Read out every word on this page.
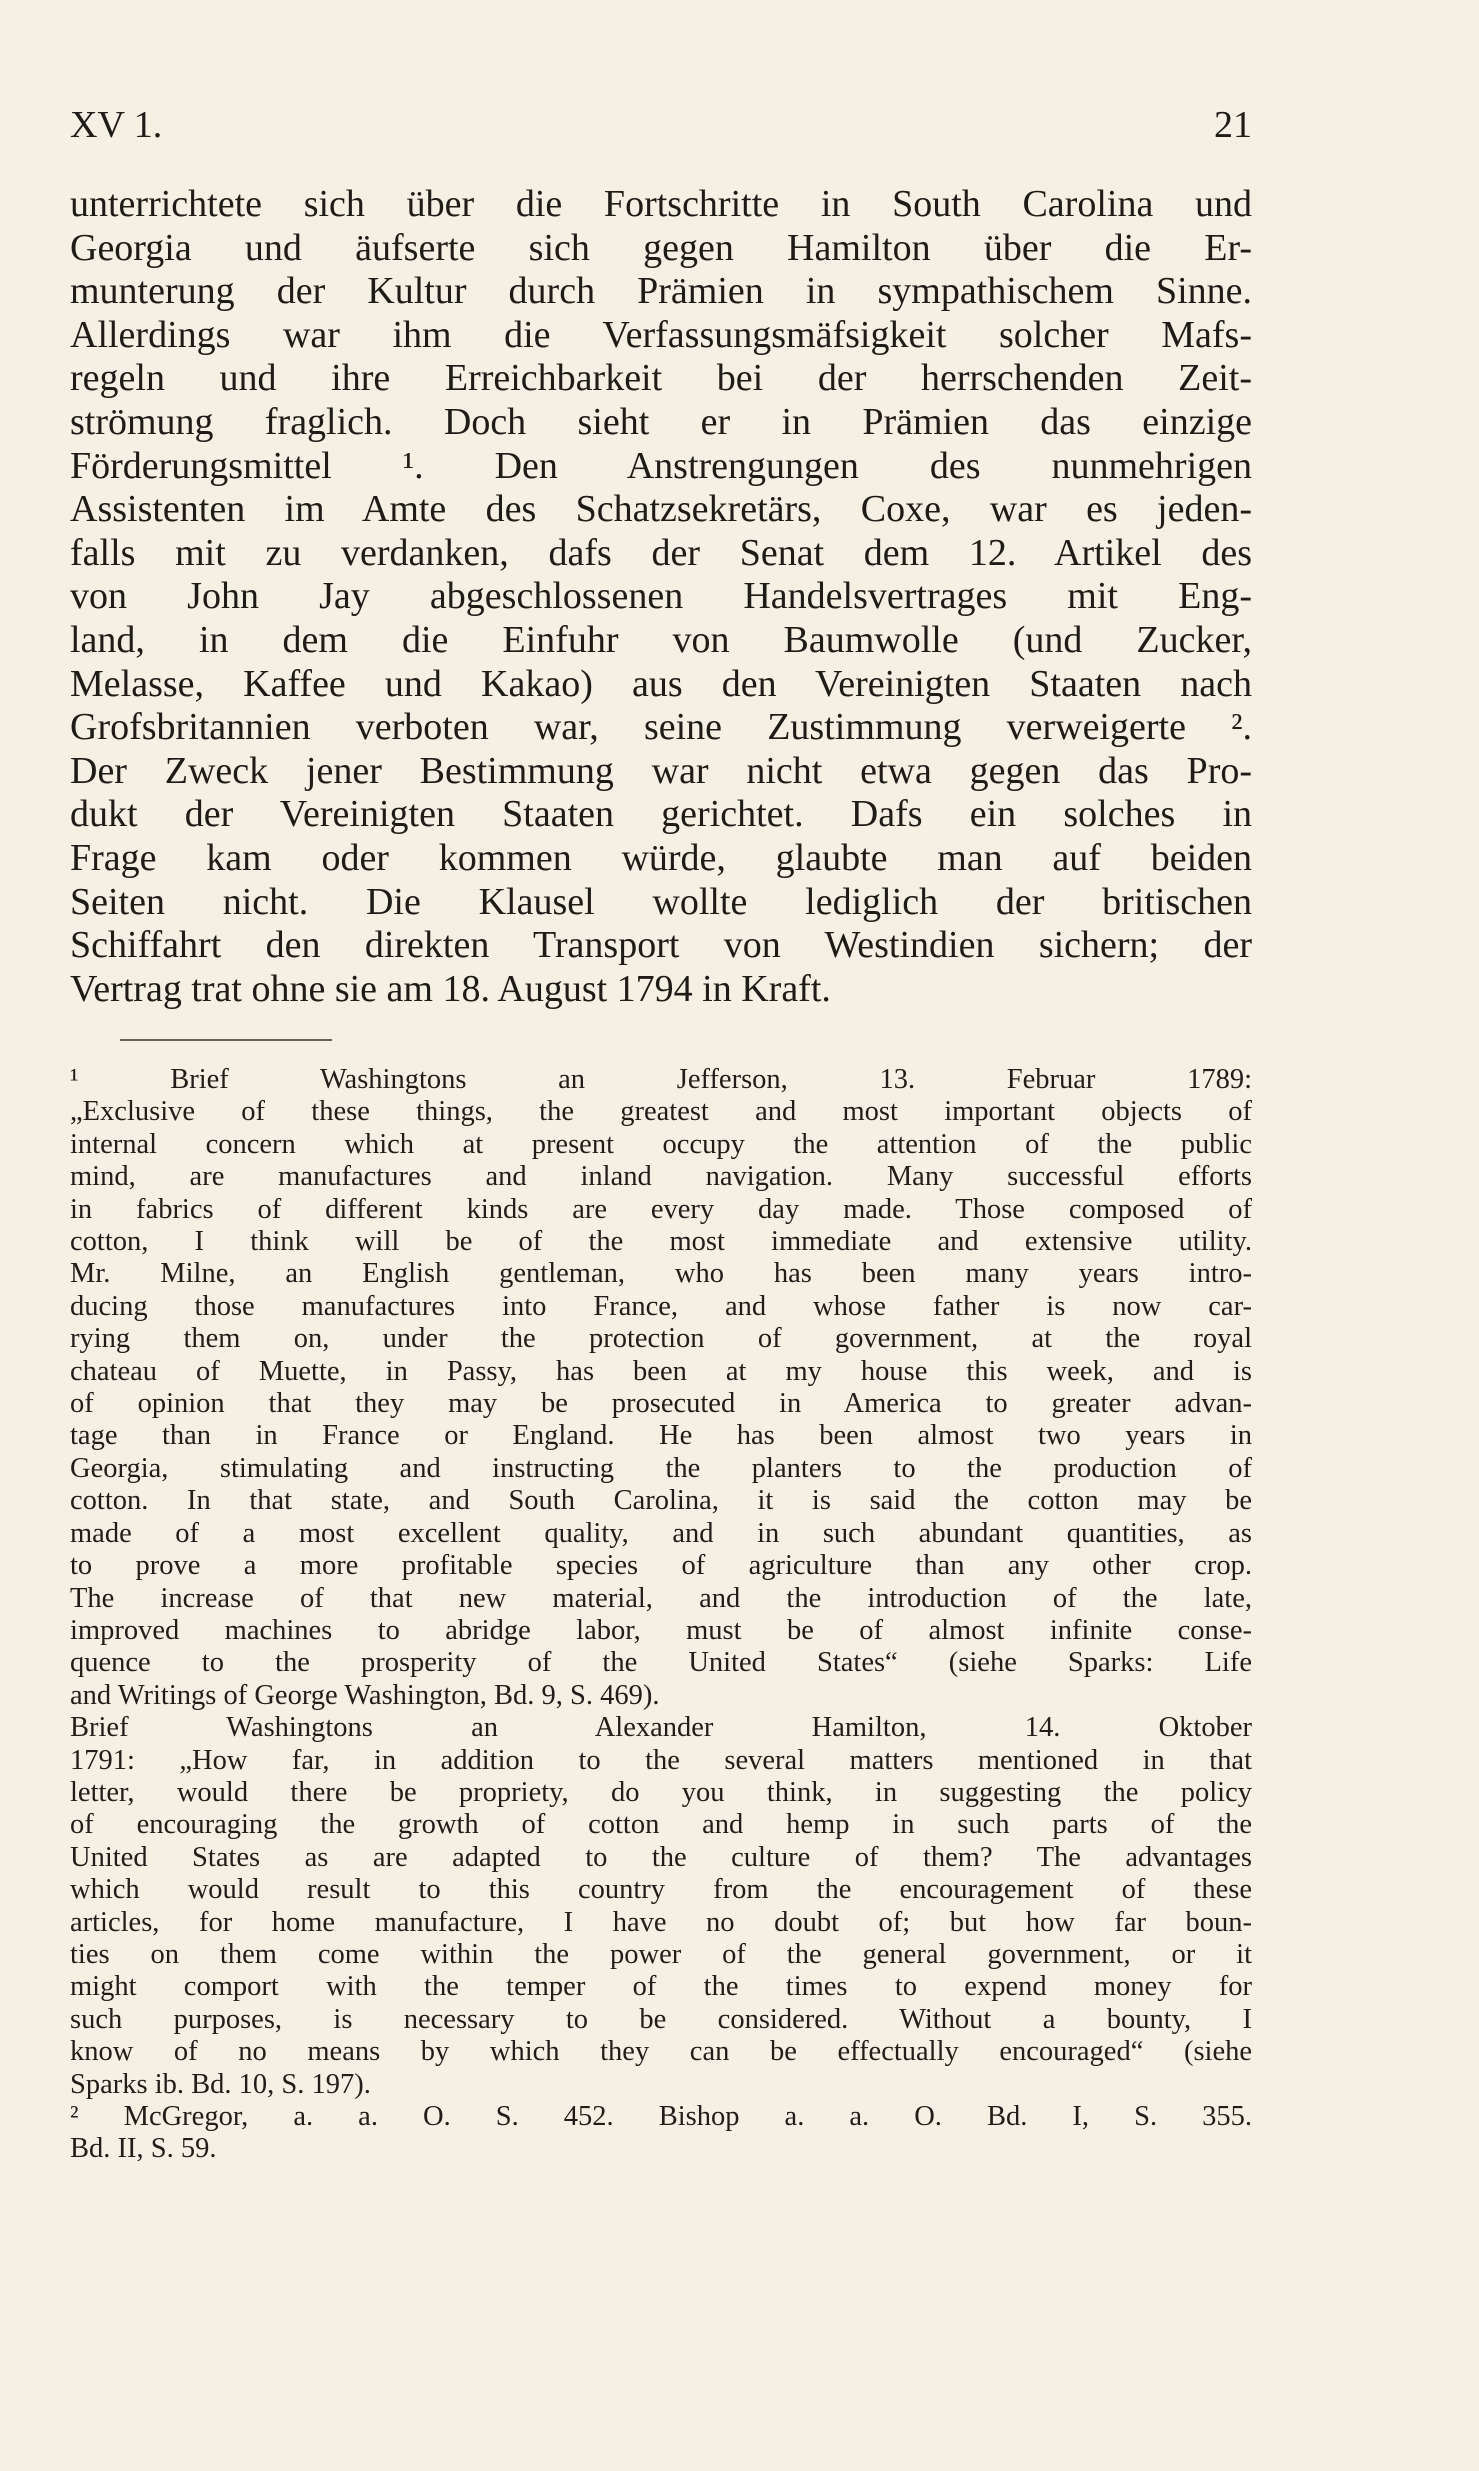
XV 1.	21
unterrichtete sich über die Fortschritte in South Carolina und
Georgia und äufserte sich gegen Hamilton über die Er-
munterung der Kultur durch Prämien in sympathischem Sinne.
Allerdings war ihm die Verfassungsmäfsigkeit solcher Mafs-
regeln und ihre Erreichbarkeit bei der herrschenden Zeit-
strömung fraglich. Doch sieht er in Prämien das einzige
Förderungsmittel ¹. Den Anstrengungen des nunmehrigen
Assistenten im Amte des Schatzsekretärs, Coxe, war es jeden-
falls mit zu verdanken, dafs der Senat dem 12. Artikel des
von John Jay abgeschlossenen Handelsvertrages mit Eng-
land, in dem die Einfuhr von Baumwolle (und Zucker,
Melasse, Kaffee und Kakao) aus den Vereinigten Staaten nach
Grofsbritannien verboten war, seine Zustimmung verweigerte ².
Der Zweck jener Bestimmung war nicht etwa gegen das Pro-
dukt der Vereinigten Staaten gerichtet. Dafs ein solches in
Frage kam oder kommen würde, glaubte man auf beiden
Seiten nicht. Die Klausel wollte lediglich der britischen
Schiffahrt den direkten Transport von Westindien sichern; der
Vertrag trat ohne sie am 18. August 1794 in Kraft.
¹ Brief Washingtons an Jefferson, 13. Februar 1789:
„Exclusive of these things, the greatest and most important objects of
internal concern which at present occupy the attention of the public
mind, are manufactures and inland navigation. Many successful efforts
in fabrics of different kinds are every day made. Those composed of
cotton, I think will be of the most immediate and extensive utility.
Mr. Milne, an English gentleman, who has been many years intro-
ducing those manufactures into France, and whose father is now car-
rying them on, under the protection of government, at the royal
chateau of Muette, in Passy, has been at my house this week, and is
of opinion that they may be prosecuted in America to greater advan-
tage than in France or England. He has been almost two years in
Georgia, stimulating and instructing the planters to the production of
cotton. In that state, and South Carolina, it is said the cotton may be
made of a most excellent quality, and in such abundant quantities, as
to prove a more profitable species of agriculture than any other crop.
The increase of that new material, and the introduction of the late,
improved machines to abridge labor, must be of almost infinite conse-
quence to the prosperity of the United States“ (siehe Sparks: Life
and Writings of George Washington, Bd. 9, S. 469).
Brief Washingtons an Alexander Hamilton, 14. Oktober
1791: „How far, in addition to the several matters mentioned in that
letter, would there be propriety, do you think, in suggesting the policy
of encouraging the growth of cotton and hemp in such parts of the
United States as are adapted to the culture of them? The advantages
which would result to this country from the encouragement of these
articles, for home manufacture, I have no doubt of; but how far boun-
ties on them come within the power of the general government, or it
might comport with the temper of the times to expend money for
such purposes, is necessary to be considered. Without a bounty, I
know of no means by which they can be effectually encouraged“ (siehe
Sparks ib. Bd. 10, S. 197).
² McGregor, a. a. O. S. 452. Bishop a. a. O. Bd. I, S. 355.
Bd. II, S. 59.
